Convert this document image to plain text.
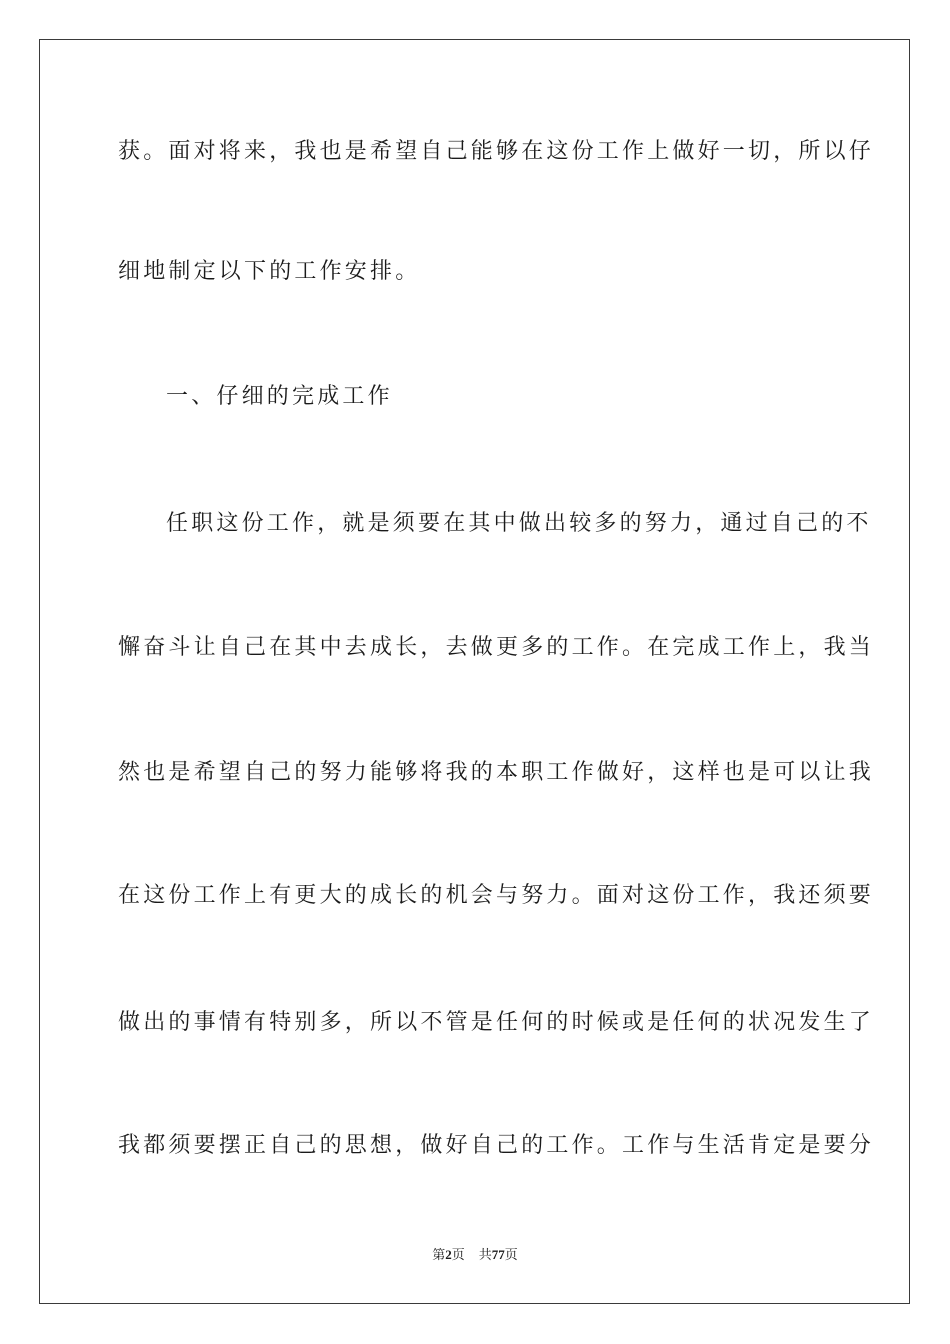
获。面对将来，我也是希望自己能够在这份工作上做好一切，所以仔
细地制定以下的工作安排。
一、仔细的完成工作
任职这份工作，就是须要在其中做出较多的努力，通过自己的不
懈奋斗让自己在其中去成长，去做更多的工作。在完成工作上，我当
然也是希望自己的努力能够将我的本职工作做好，这样也是可以让我
在这份工作上有更大的成长的机会与努力。面对这份工作，我还须要
做出的事情有特别多，所以不管是任何的时候或是任何的状况发生了
我都须要摆正自己的思想，做好自己的工作。工作与生活肯定是要分
第2页 共77页
